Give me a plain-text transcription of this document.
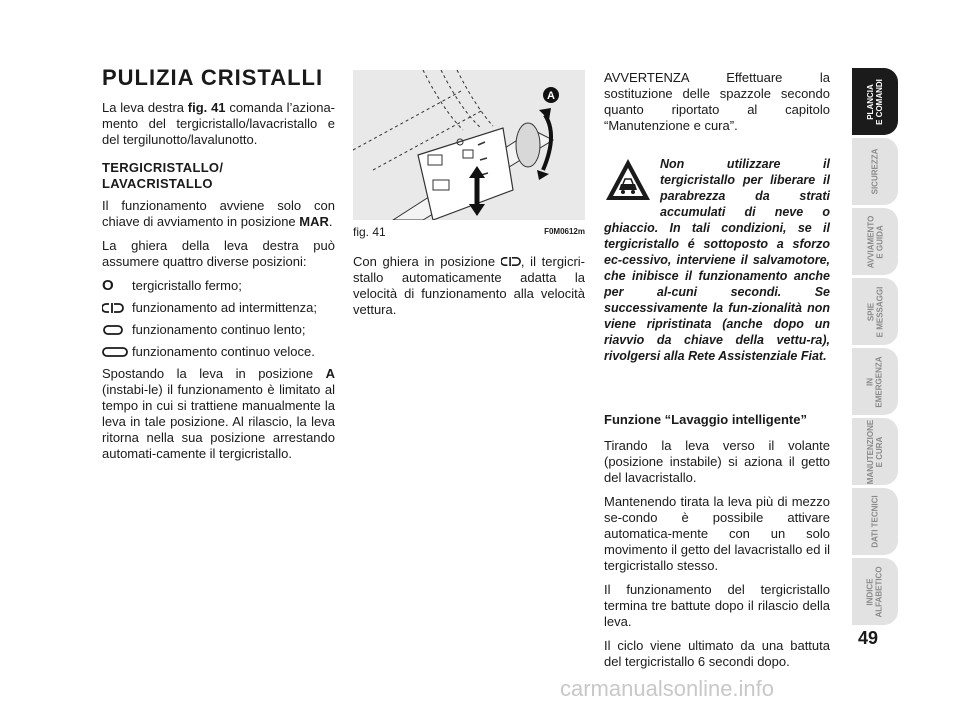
PULIZIA CRISTALLI

La leva destra fig. 41 comanda l’aziona-mento del tergicristallo/lavacristallo e del tergilunotto/lavalunotto.

TERGICRISTALLO/
LAVACRISTALLO

Il funzionamento avviene solo con chiave di avviamento in posizione MAR.

La ghiera della leva destra può assumere quattro diverse posizioni:

O tergicristallo fermo;
funzionamento ad intermittenza;
funzionamento continuo lento;
funzionamento continuo veloce.

Spostando la leva in posizione A (instabi-le) il funzionamento è limitato al tempo in cui si trattiene manualmente la leva in tale posizione. Al rilascio, la leva ritorna nella sua posizione arrestando automati-camente il tergicristallo.

A
fig. 41	F0M0612m

Con ghiera in posizione , il tergicri-stallo automaticamente adatta la velocità di funzionamento alla velocità vettura.

AVVERTENZA Effettuare la sostituzione delle spazzole secondo quanto riportato al capitolo “Manutenzione e cura”.

Non utilizzare il tergicristallo per liberare il parabrezza da strati accumulati di neve o ghiaccio. In tali condizioni, se il tergicristallo é sottoposto a sforzo ec-cessivo, interviene il salvamotore, che inibisce il funzionamento anche per al-cuni secondi. Se successivamente la fun-zionalità non viene ripristinata (anche dopo un riavvio da chiave della vettu-ra), rivolgersi alla Rete Assistenziale Fiat.
Funzione “Lavaggio intelligente”

Tirando la leva verso il volante (posizione instabile) si aziona il getto del lavacristallo.

Mantenendo tirata la leva più di mezzo se-condo è possibile attivare automatica-mente con un solo movimento il getto del lavacristallo ed il tergicristallo stesso.

Il funzionamento del tergicristallo termina tre battute dopo il rilascio della leva.

Il ciclo viene ultimato da una battuta del tergicristallo 6 secondi dopo.

PLANCIA
E COMANDI
SICUREZZA
AVVIAMENTO
E GUIDA
SPIE
E MESSAGGI
IN
EMERGENZA
MANUTENZIONE
E CURA
DATI TECNICI
INDICE
ALFABETICO
49
carmanualsonline.info
